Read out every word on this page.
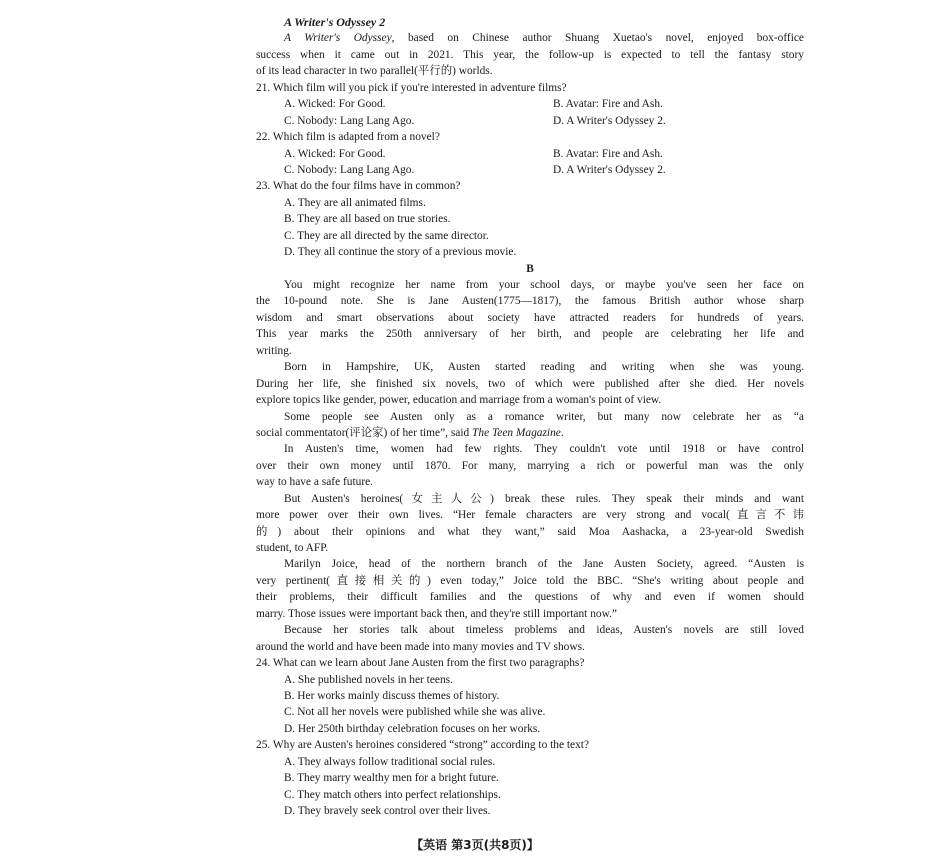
A Writer's Odyssey 2
A Writer's Odyssey, based on Chinese author Shuang Xuetao's novel, enjoyed box-office
success when it came out in 2021. This year, the follow-up is expected to tell the fantasy story
of its lead character in two parallel(平行的) worlds.
21. Which film will you pick if you're interested in adventure films?
A. Wicked: For Good.	B. Avatar: Fire and Ash.
C. Nobody: Lang Lang Ago.	D. A Writer's Odyssey 2.
22. Which film is adapted from a novel?
A. Wicked: For Good.	B. Avatar: Fire and Ash.
C. Nobody: Lang Lang Ago.	D. A Writer's Odyssey 2.
23. What do the four films have in common?
A. They are all animated films.
B. They are all based on true stories.
C. They are all directed by the same director.
D. They all continue the story of a previous movie.
B
You might recognize her name from your school days, or maybe you've seen her face on
the 10-pound note. She is Jane Austen(1775—1817), the famous British author whose sharp
wisdom and smart observations about society have attracted readers for hundreds of years.
This year marks the 250th anniversary of her birth, and people are celebrating her life and
writing.
Born in Hampshire, UK, Austen started reading and writing when she was young.
During her life, she finished six novels, two of which were published after she died. Her novels
explore topics like gender, power, education and marriage from a woman's point of view.
Some people see Austen only as a romance writer, but many now celebrate her as “a
social commentator(评论家) of her time”, said The Teen Magazine.
In Austen's time, women had few rights. They couldn't vote until 1918 or have control
over their own money until 1870. For many, marrying a rich or powerful man was the only
way to have a safe future.
But Austen's heroines(女主人公) break these rules. They speak their minds and want
more power over their own lives. “Her female characters are very strong and vocal(直言不讳
的) about their opinions and what they want,” said Moa Aashacka, a 23-year-old Swedish
student, to AFP.
Marilyn Joice, head of the northern branch of the Jane Austen Society, agreed. “Austen is
very pertinent(直接相关的) even today,” Joice told the BBC. “She's writing about people and
their problems, their difficult families and the questions of why and even if women should
marry. Those issues were important back then, and they're still important now.”
Because her stories talk about timeless problems and ideas, Austen's novels are still loved
around the world and have been made into many movies and TV shows.
24. What can we learn about Jane Austen from the first two paragraphs?
A. She published novels in her teens.
B. Her works mainly discuss themes of history.
C. Not all her novels were published while she was alive.
D. Her 250th birthday celebration focuses on her works.
25. Why are Austen's heroines considered “strong” according to the text?
A. They always follow traditional social rules.
B. They marry wealthy men for a bright future.
C. They match others into perfect relationships.
D. They bravely seek control over their lives.
【英语 第3页(共8页)】
